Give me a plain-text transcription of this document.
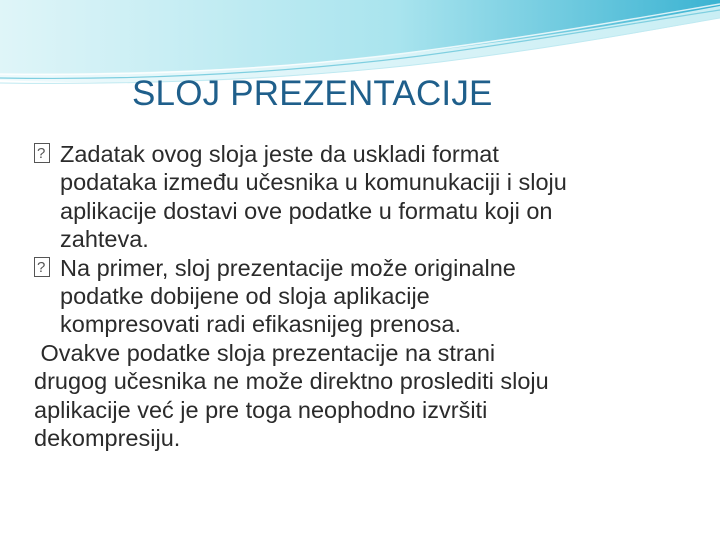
SLOJ PREZENTACIJE
?
Zadatak ovog sloja jeste da uskladi format
podataka između učesnika u komunukaciji i sloju
aplikacije dostavi ove podatke u formatu koji on
zahteva.
?
Na primer, sloj prezentacije može originalne
podatke dobijene od sloja aplikacije
kompresovati radi efikasnijeg prenosa.
Ovakve podatke sloja prezentacije na strani
drugog učesnika ne može direktno proslediti sloju
aplikacije već je pre toga neophodno izvršiti
dekompresiju.
